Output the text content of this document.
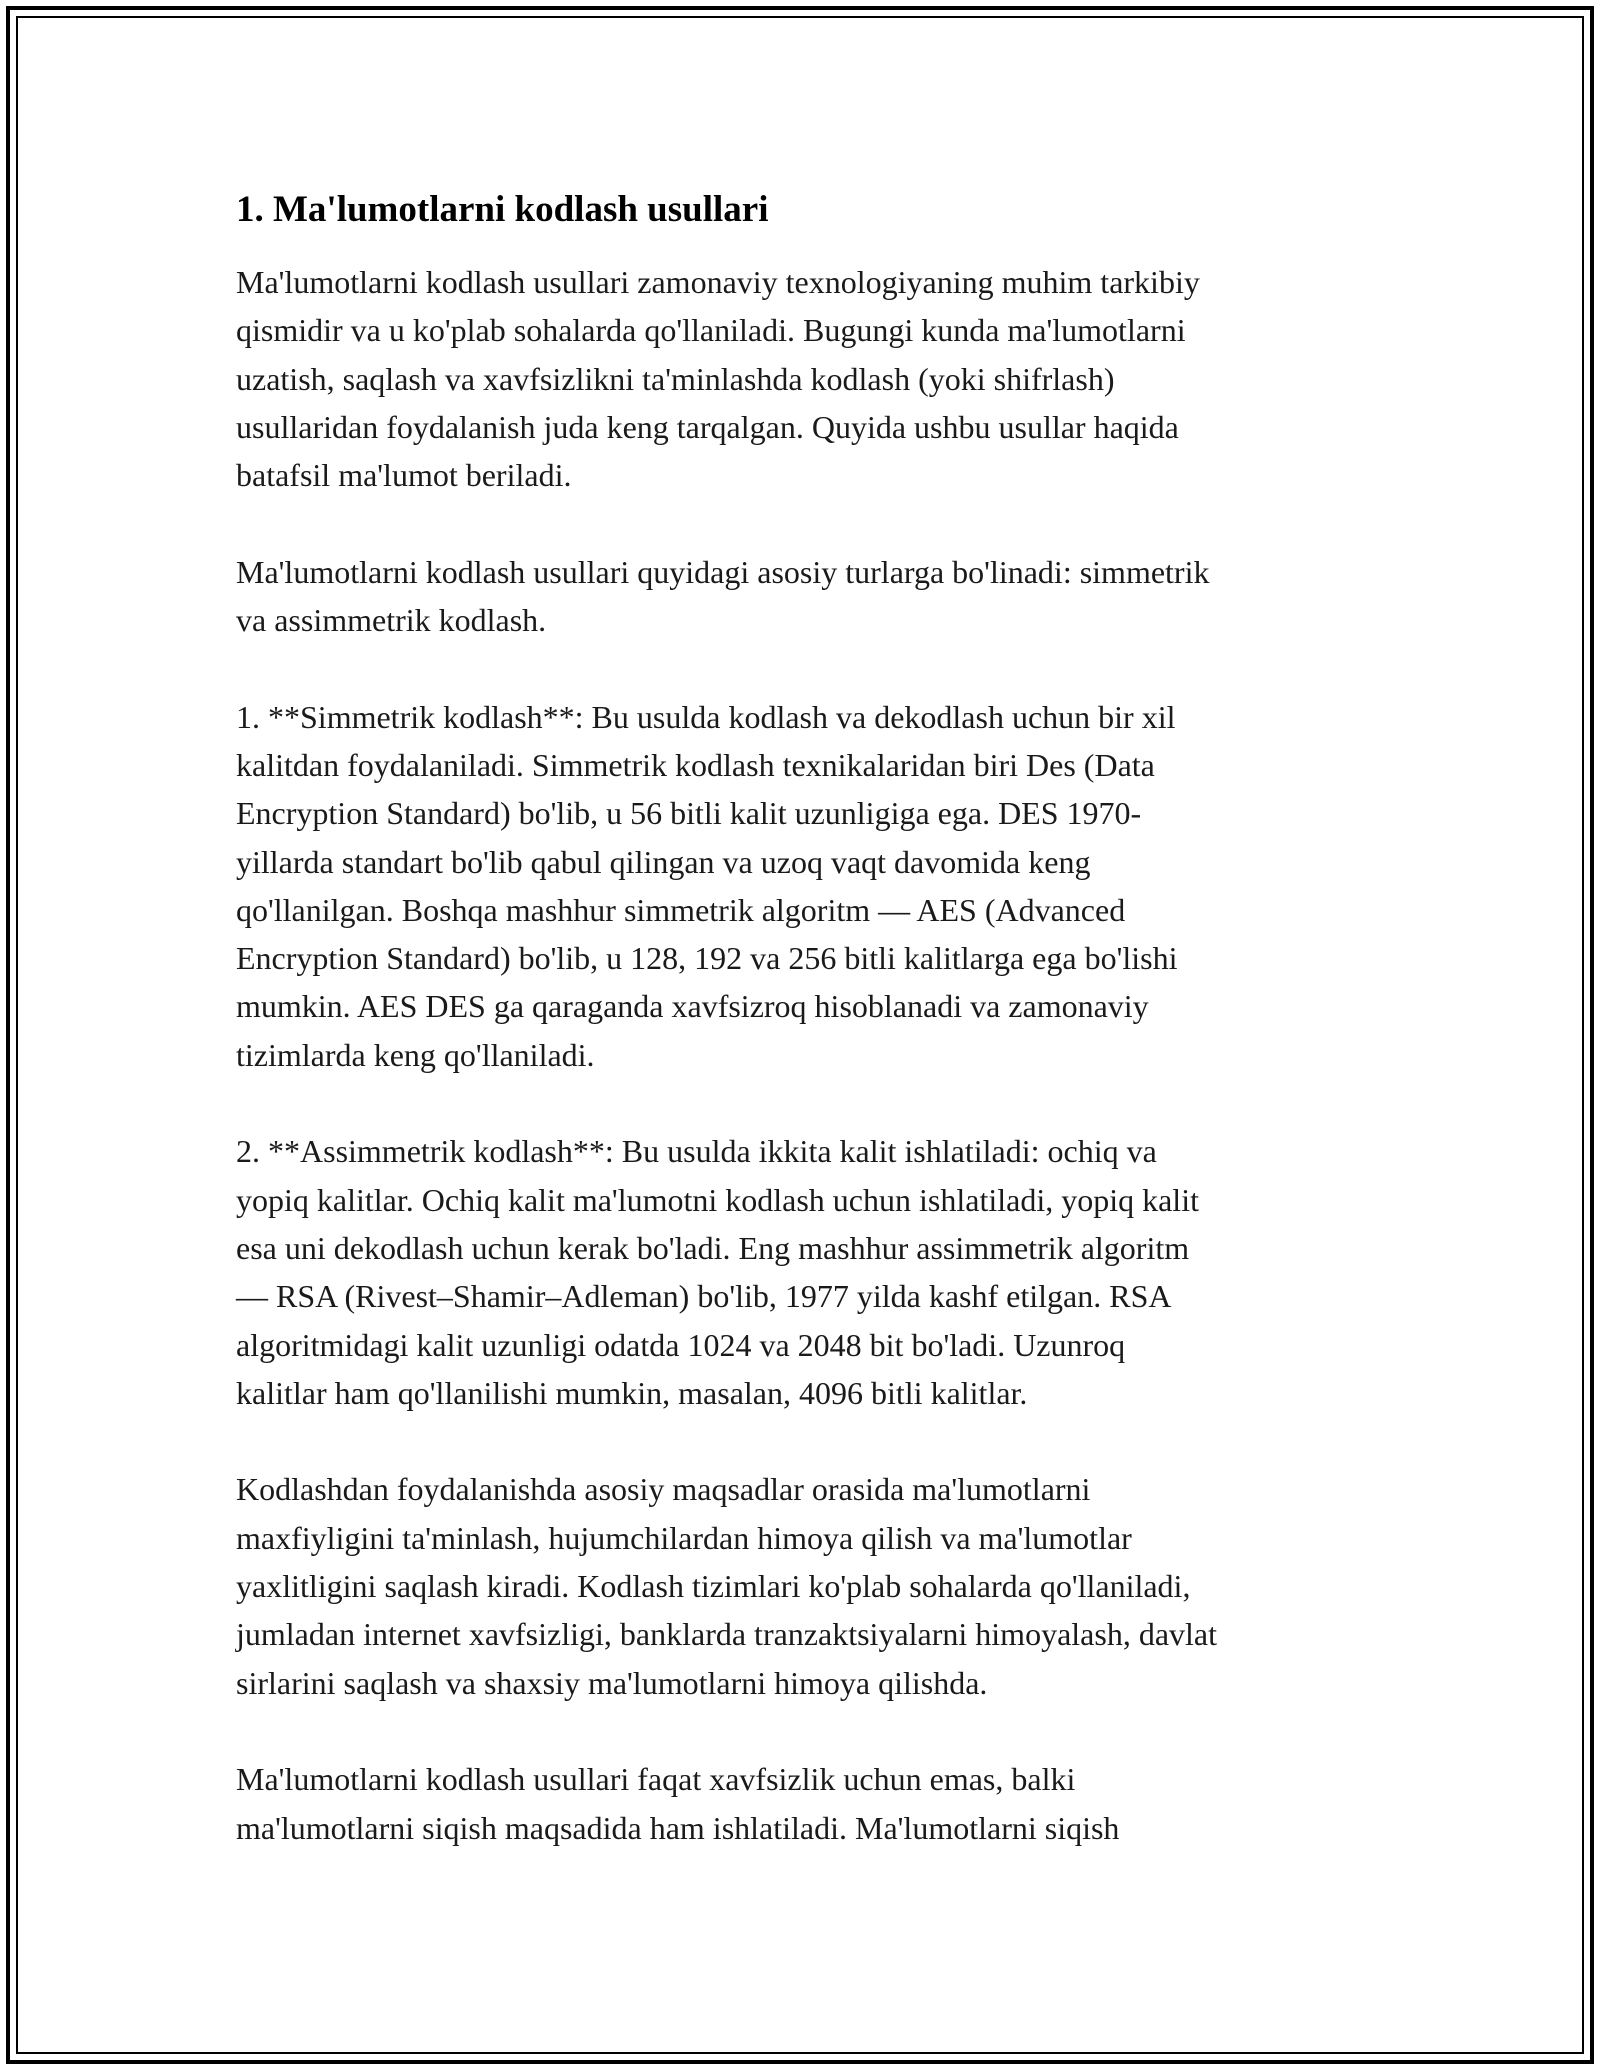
1. Ma'lumotlarni kodlash usullari

Ma'lumotlarni kodlash usullari zamonaviy texnologiyaning muhim tarkibiy
qismidir va u ko'plab sohalarda qo'llaniladi. Bugungi kunda ma'lumotlarni
uzatish, saqlash va xavfsizlikni ta'minlashda kodlash (yoki shifrlash)
usullaridan foydalanish juda keng tarqalgan. Quyida ushbu usullar haqida
batafsil ma'lumot beriladi.

Ma'lumotlarni kodlash usullari quyidagi asosiy turlarga bo'linadi: simmetrik
va assimmetrik kodlash.

1. **Simmetrik kodlash**: Bu usulda kodlash va dekodlash uchun bir xil
kalitdan foydalaniladi. Simmetrik kodlash texnikalaridan biri Des (Data
Encryption Standard) bo'lib, u 56 bitli kalit uzunligiga ega. DES 1970-
yillarda standart bo'lib qabul qilingan va uzoq vaqt davomida keng
qo'llanilgan. Boshqa mashhur simmetrik algoritm — AES (Advanced
Encryption Standard) bo'lib, u 128, 192 va 256 bitli kalitlarga ega bo'lishi
mumkin. AES DES ga qaraganda xavfsizroq hisoblanadi va zamonaviy
tizimlarda keng qo'llaniladi.

2. **Assimmetrik kodlash**: Bu usulda ikkita kalit ishlatiladi: ochiq va
yopiq kalitlar. Ochiq kalit ma'lumotni kodlash uchun ishlatiladi, yopiq kalit
esa uni dekodlash uchun kerak bo'ladi. Eng mashhur assimmetrik algoritm
— RSA (Rivest–Shamir–Adleman) bo'lib, 1977 yilda kashf etilgan. RSA
algoritmidagi kalit uzunligi odatda 1024 va 2048 bit bo'ladi. Uzunroq
kalitlar ham qo'llanilishi mumkin, masalan, 4096 bitli kalitlar.

Kodlashdan foydalanishda asosiy maqsadlar orasida ma'lumotlarni
maxfiyligini ta'minlash, hujumchilardan himoya qilish va ma'lumotlar
yaxlitligini saqlash kiradi. Kodlash tizimlari ko'plab sohalarda qo'llaniladi,
jumladan internet xavfsizligi, banklarda tranzaktsiyalarni himoyalash, davlat
sirlarini saqlash va shaxsiy ma'lumotlarni himoya qilishda.

Ma'lumotlarni kodlash usullari faqat xavfsizlik uchun emas, balki
ma'lumotlarni siqish maqsadida ham ishlatiladi. Ma'lumotlarni siqish
